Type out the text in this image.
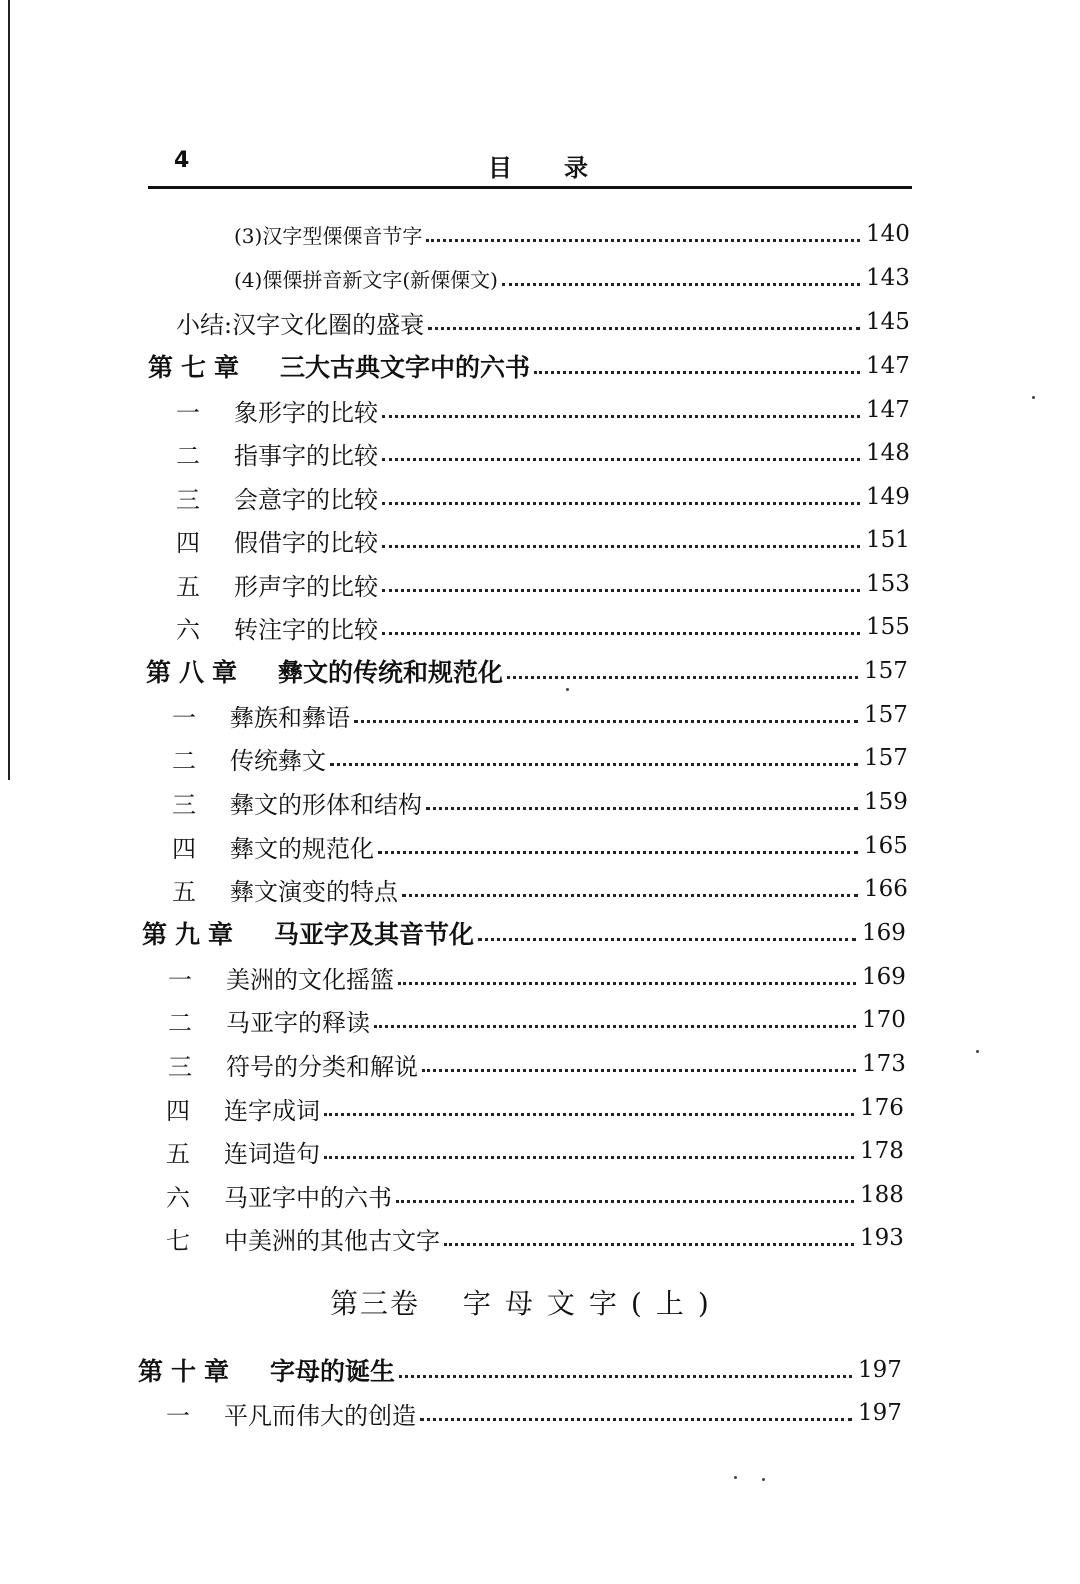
4	目录
(3)汉字型傈傈音节字	140
(4)傈傈拼音新文字(新傈傈文)	143
小结:汉字文化圈的盛衰	145
第七章	三大古典文字中的六书	147
一	象形字的比较	147
二	指事字的比较	148
三	会意字的比较	149
四	假借字的比较	151
五	形声字的比较	153
六	转注字的比较	155
第八章	彝文的传统和规范化	157
一	彝族和彝语	157
二	传统彝文	157
三	彝文的形体和结构	159
四	彝文的规范化	165
五	彝文演变的特点	166
第九章	马亚字及其音节化	169
一	美洲的文化摇篮	169
二	马亚字的释读	170
三	符号的分类和解说	173
四	连字成词	176
五	连词造句	178
六	马亚字中的六书	188
七	中美洲的其他古文字	193
第三卷 字母文字(上)
第十章	字母的诞生	197
一	平凡而伟大的创造	197
